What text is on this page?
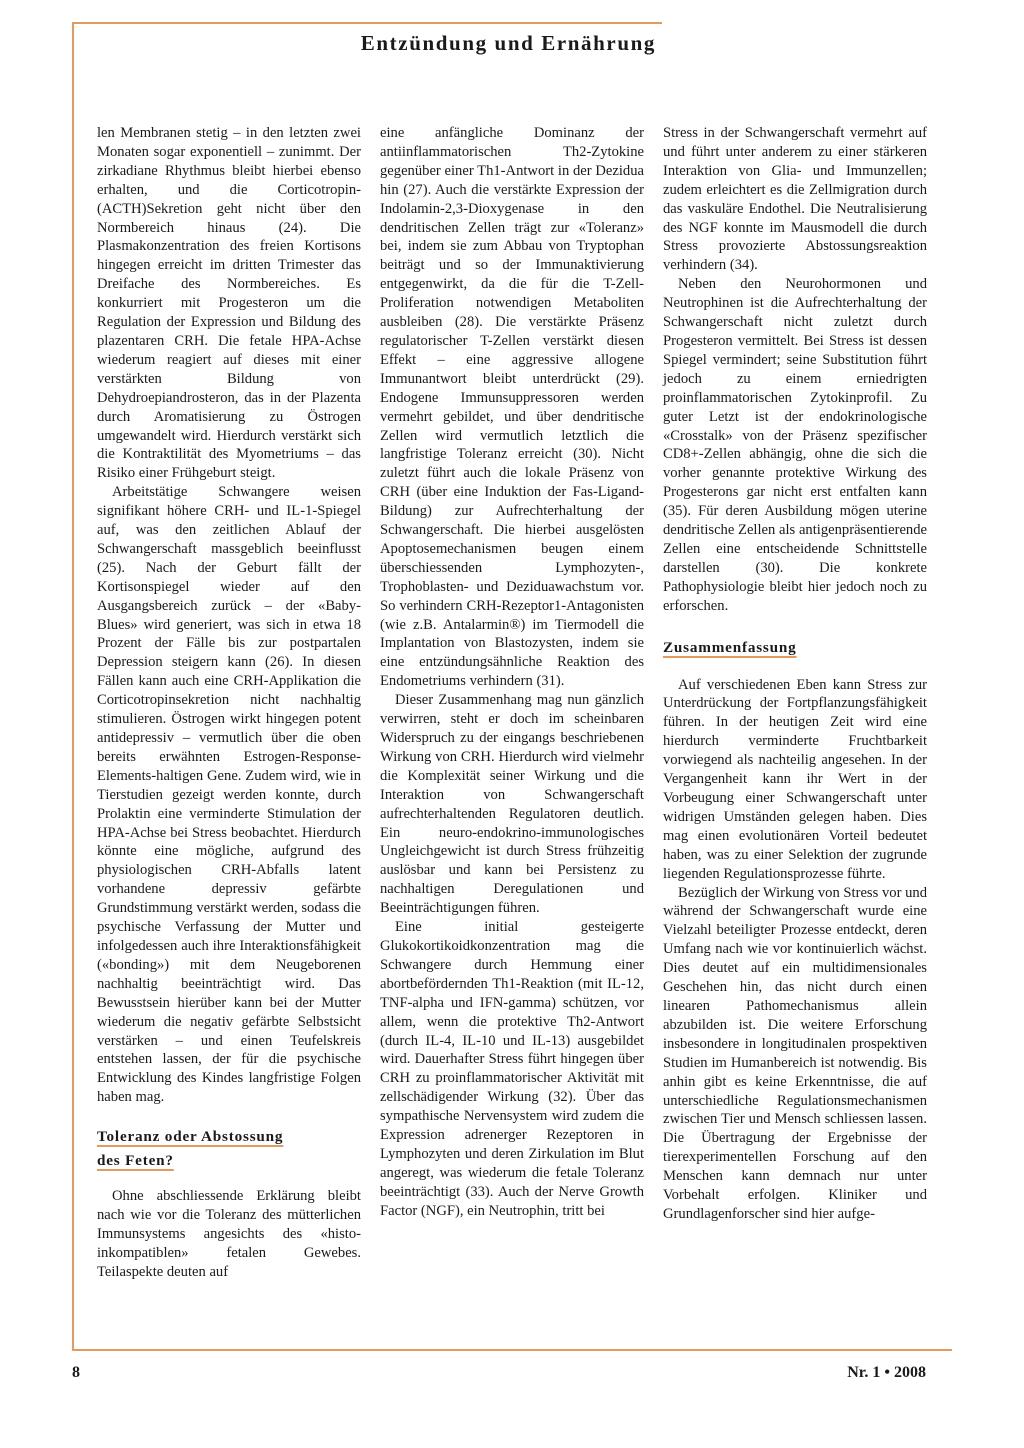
Entzündung und Ernährung

len Membranen stetig – in den letzten zwei Monaten sogar exponentiell – zunimmt. Der zirkadiane Rhythmus bleibt hierbei ebenso erhalten, und die Corticotropin-(ACTH)Sekretion geht nicht über den Normbereich hinaus (24). Die Plasmakonzentration des freien Kortisons hingegen erreicht im dritten Trimester das Dreifache des Normbereiches. Es konkurriert mit Progesteron um die Regulation der Expression und Bildung des plazentaren CRH. Die fetale HPA-Achse wiederum reagiert auf dieses mit einer verstärkten Bildung von Dehydroepiandrosteron, das in der Plazenta durch Aromatisierung zu Östrogen umgewandelt wird. Hierdurch verstärkt sich die Kontraktilität des Myometriums – das Risiko einer Frühgeburt steigt.

Arbeitstätige Schwangere weisen signifikant höhere CRH- und IL-1-Spiegel auf, was den zeitlichen Ablauf der Schwangerschaft massgeblich beeinflusst (25). Nach der Geburt fällt der Kortisonspiegel wieder auf den Ausgangsbereich zurück – der «Baby-Blues» wird generiert, was sich in etwa 18 Prozent der Fälle bis zur postpartalen Depression steigern kann (26). In diesen Fällen kann auch eine CRH-Applikation die Corticotropinsekretion nicht nachhaltig stimulieren. Östrogen wirkt hingegen potent antidepressiv – vermutlich über die oben bereits erwähnten Estrogen-Response-Elements-haltigen Gene. Zudem wird, wie in Tierstudien gezeigt werden konnte, durch Prolaktin eine verminderte Stimulation der HPA-Achse bei Stress beobachtet. Hierdurch könnte eine mögliche, aufgrund des physiologischen CRH-Abfalls latent vorhandene depressiv gefärbte Grundstimmung verstärkt werden, sodass die psychische Verfassung der Mutter und infolgedessen auch ihre Interaktionsfähigkeit («bonding») mit dem Neugeborenen nachhaltig beeinträchtigt wird. Das Bewusstsein hierüber kann bei der Mutter wiederum die negativ gefärbte Selbstsicht verstärken – und einen Teufelskreis entstehen lassen, der für die psychische Entwicklung des Kindes langfristige Folgen haben mag.

Toleranz oder Abstossung
des Feten?

Ohne abschliessende Erklärung bleibt nach wie vor die Toleranz des mütterlichen Immunsystems angesichts des «histo-inkompatiblen» fetalen Gewebes. Teilaspekte deuten auf

eine anfängliche Dominanz der antiinflammatorischen Th2-Zytokine gegenüber einer Th1-Antwort in der Dezidua hin (27). Auch die verstärkte Expression der Indolamin-2,3-Dioxygenase in den dendritischen Zellen trägt zur «Toleranz» bei, indem sie zum Abbau von Tryptophan beiträgt und so der Immunaktivierung entgegenwirkt, da die für die T-Zell-Proliferation notwendigen Metaboliten ausbleiben (28). Die verstärkte Präsenz regulatorischer T-Zellen verstärkt diesen Effekt – eine aggressive allogene Immunantwort bleibt unterdrückt (29). Endogene Immunsuppressoren werden vermehrt gebildet, und über dendritische Zellen wird vermutlich letztlich die langfristige Toleranz erreicht (30). Nicht zuletzt führt auch die lokale Präsenz von CRH (über eine Induktion der Fas-Ligand-Bildung) zur Aufrechterhaltung der Schwangerschaft. Die hierbei ausgelösten Apoptosemechanismen beugen einem überschiessenden Lymphozyten-, Trophoblasten- und Deziduawachstum vor. So verhindern CRH-Rezeptor1-Antagonisten (wie z.B. Antalarmin®) im Tiermodell die Implantation von Blastozysten, indem sie eine entzündungsähnliche Reaktion des Endometriums verhindern (31).

Dieser Zusammenhang mag nun gänzlich verwirren, steht er doch im scheinbaren Widerspruch zu der eingangs beschriebenen Wirkung von CRH. Hierdurch wird vielmehr die Komplexität seiner Wirkung und die Interaktion von Schwangerschaft aufrechterhaltenden Regulatoren deutlich. Ein neuro-endokrino-immunologisches Ungleichgewicht ist durch Stress frühzeitig auslösbar und kann bei Persistenz zu nachhaltigen Deregulationen und Beeinträchtigungen führen.

Eine initial gesteigerte Glukokortikoidkonzentration mag die Schwangere durch Hemmung einer abortbefördernden Th1-Reaktion (mit IL-12, TNF-alpha und IFN-gamma) schützen, vor allem, wenn die protektive Th2-Antwort (durch IL-4, IL-10 und IL-13) ausgebildet wird. Dauerhafter Stress führt hingegen über CRH zu proinflammatorischer Aktivität mit zellschädigender Wirkung (32). Über das sympathische Nervensystem wird zudem die Expression adrenerger Rezeptoren in Lymphozyten und deren Zirkulation im Blut angeregt, was wiederum die fetale Toleranz beeinträchtigt (33). Auch der Nerve Growth Factor (NGF), ein Neutrophin, tritt bei

Stress in der Schwangerschaft vermehrt auf und führt unter anderem zu einer stärkeren Interaktion von Glia- und Immunzellen; zudem erleichtert es die Zellmigration durch das vaskuläre Endothel. Die Neutralisierung des NGF konnte im Mausmodell die durch Stress provozierte Abstossungsreaktion verhindern (34).

Neben den Neurohormonen und Neutrophinen ist die Aufrechterhaltung der Schwangerschaft nicht zuletzt durch Progesteron vermittelt. Bei Stress ist dessen Spiegel vermindert; seine Substitution führt jedoch zu einem erniedrigten proinflammatorischen Zytokinprofil. Zu guter Letzt ist der endokrinologische «Crosstalk» von der Präsenz spezifischer CD8+-Zellen abhängig, ohne die sich die vorher genannte protektive Wirkung des Progesterons gar nicht erst entfalten kann (35). Für deren Ausbildung mögen uterine dendritische Zellen als antigenpräsentierende Zellen eine entscheidende Schnittstelle darstellen (30). Die konkrete Pathophysiologie bleibt hier jedoch noch zu erforschen.

Zusammenfassung

Auf verschiedenen Eben kann Stress zur Unterdrückung der Fortpflanzungsfähigkeit führen. In der heutigen Zeit wird eine hierdurch verminderte Fruchtbarkeit vorwiegend als nachteilig angesehen. In der Vergangenheit kann ihr Wert in der Vorbeugung einer Schwangerschaft unter widrigen Umständen gelegen haben. Dies mag einen evolutionären Vorteil bedeutet haben, was zu einer Selektion der zugrunde liegenden Regulationsprozesse führte.

Bezüglich der Wirkung von Stress vor und während der Schwangerschaft wurde eine Vielzahl beteiligter Prozesse entdeckt, deren Umfang nach wie vor kontinuierlich wächst. Dies deutet auf ein multidimensionales Geschehen hin, das nicht durch einen linearen Pathomechanismus allein abzubilden ist. Die weitere Erforschung insbesondere in longitudinalen prospektiven Studien im Humanbereich ist notwendig. Bis anhin gibt es keine Erkenntnisse, die auf unterschiedliche Regulationsmechanismen zwischen Tier und Mensch schliessen lassen. Die Übertragung der Ergebnisse der tierexperimentellen Forschung auf den Menschen kann demnach nur unter Vorbehalt erfolgen. Kliniker und Grundlagenforscher sind hier aufge-

8	Nr. 1 • 2008
